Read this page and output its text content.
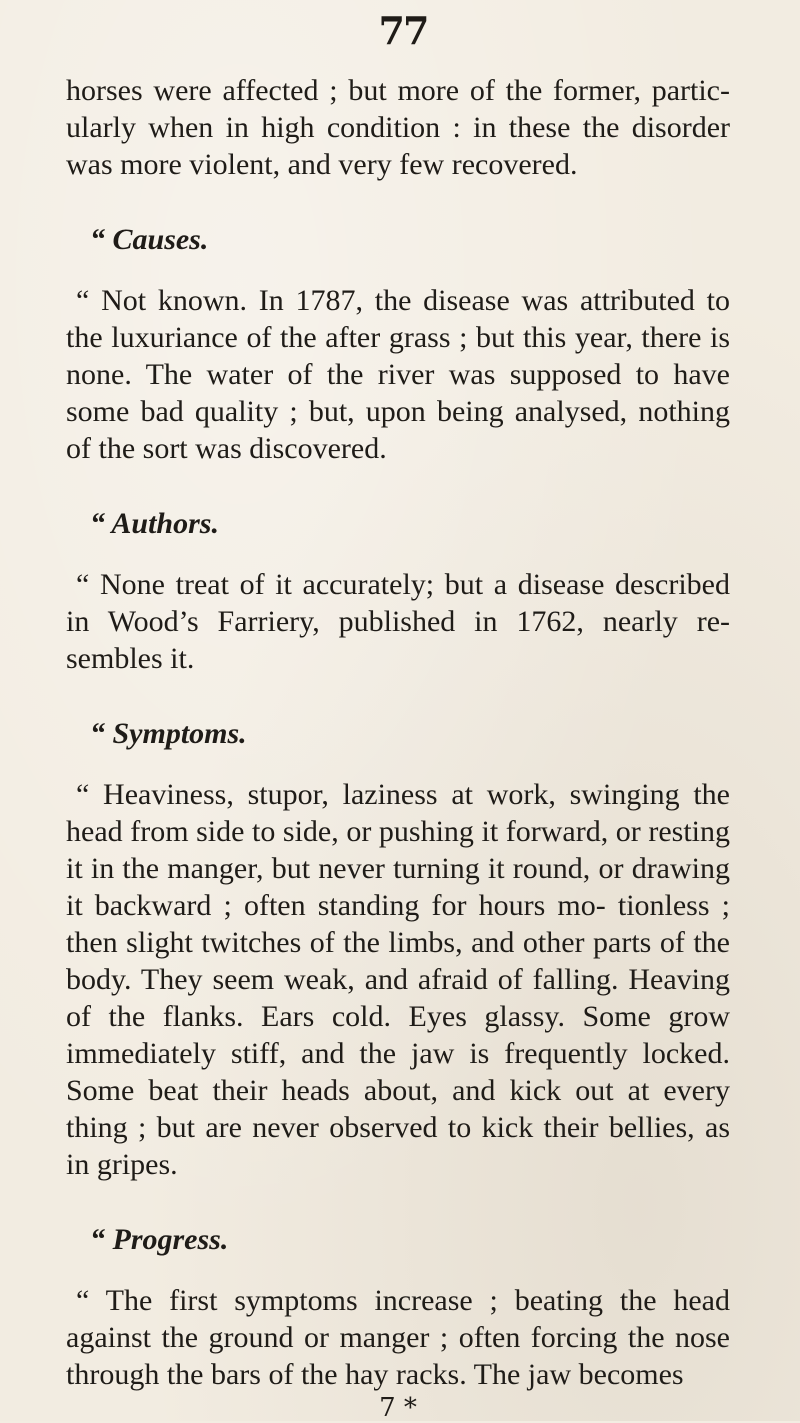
77

horses were affected ; but more of the former, partic- ularly when in high condition : in these the disorder was more violent, and very few recovered.

“ Causes.

“ Not known. In 1787, the disease was attributed to the luxuriance of the after grass ; but this year, there is none. The water of the river was supposed to have some bad quality ; but, upon being analysed, nothing of the sort was discovered.

“ Authors.

“ None treat of it accurately; but a disease described in Wood’s Farriery, published in 1762, nearly re- sembles it.

“ Symptoms.

“ Heaviness, stupor, laziness at work, swinging the head from side to side, or pushing it forward, or resting it in the manger, but never turning it round, or drawing it backward ; often standing for hours mo- tionless ; then slight twitches of the limbs, and other parts of the body. They seem weak, and afraid of falling. Heaving of the flanks. Ears cold. Eyes glassy. Some grow immediately stiff, and the jaw is frequently locked. Some beat their heads about, and kick out at every thing ; but are never observed to kick their bellies, as in gripes.

“ Progress.

“ The first symptoms increase ; beating the head against the ground or manger ; often forcing the nose through the bars of the hay racks. The jaw becomes

7 *
